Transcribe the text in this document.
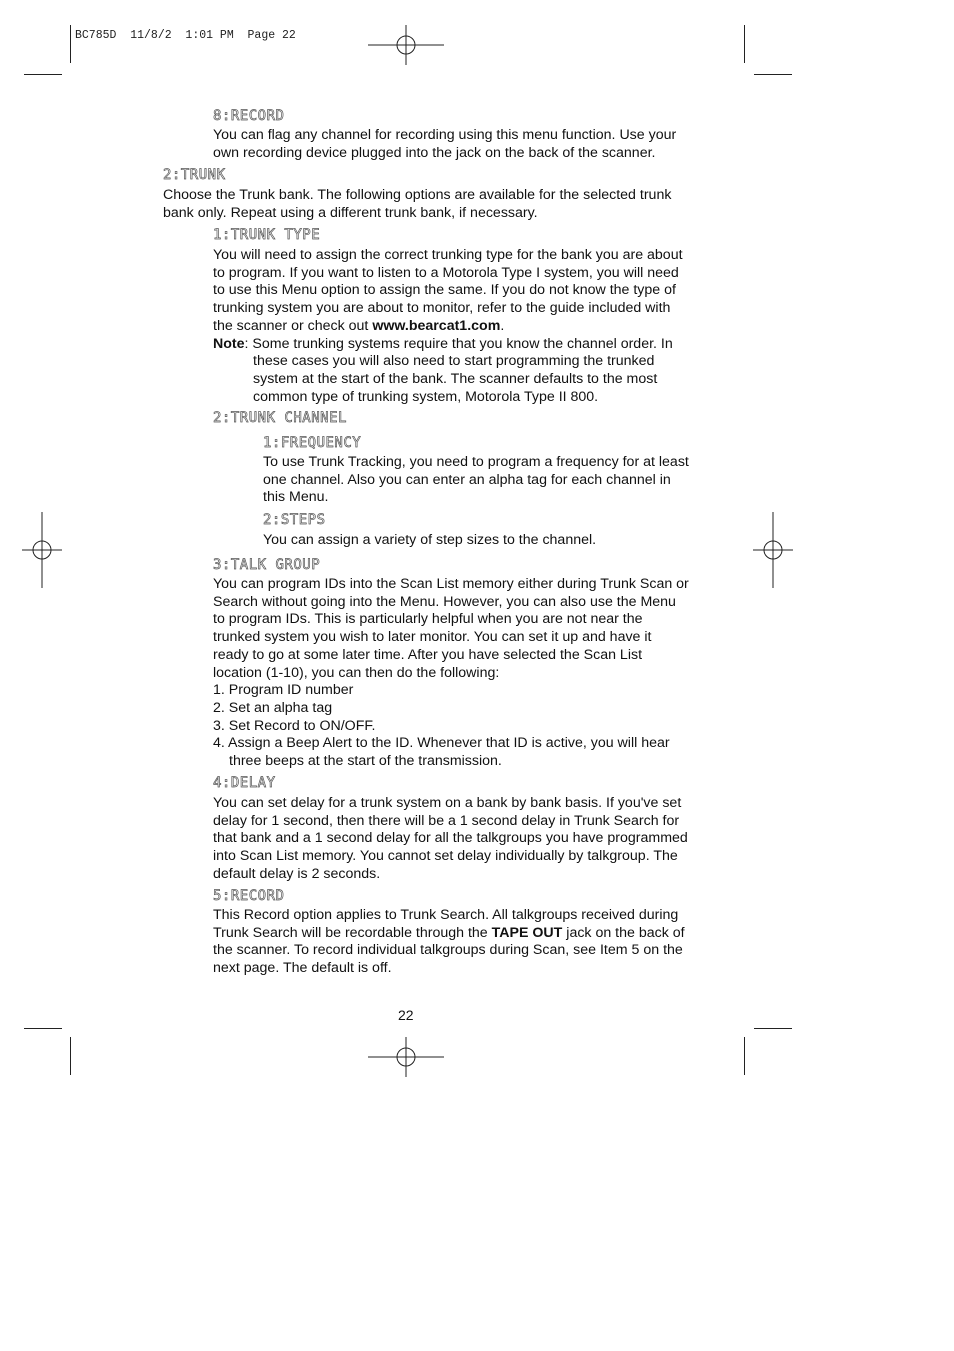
BC785D  11/8/2  1:01 PM  Page 22
8:RECORD
You can flag any channel for recording using this menu function. Use your
own recording device plugged into the jack on the back of the scanner.
2:TRUNK
Choose the Trunk bank. The following options are available for the selected trunk
bank only. Repeat using a different trunk bank, if necessary.
1:TRUNK TYPE
You will need to assign the correct trunking type for the bank you are about
to program. If you want to listen to a Motorola Type I system, you will need
to use this Menu option to assign the same. If you do not know the type of
trunking system you are about to monitor, refer to the guide included with
the scanner or check out www.bearcat1.com.
Note: Some trunking systems require that you know the channel order. In
these cases you will also need to start programming the trunked
system at the start of the bank. The scanner defaults to the most
common type of trunking system, Motorola Type II 800.
2:TRUNK CHANNEL
1:FREQUENCY
To use Trunk Tracking, you need to program a frequency for at least
one channel. Also you can enter an alpha tag for each channel in
this Menu.
2:STEPS
You can assign a variety of step sizes to the channel.
3:TALK GROUP
You can program IDs into the Scan List memory either during Trunk Scan or
Search without going into the Menu. However, you can also use the Menu
to program IDs. This is particularly helpful when you are not near the
trunked system you wish to later monitor. You can set it up and have it
ready to go at some later time. After you have selected the Scan List
location (1-10), you can then do the following:
1. Program ID number
2. Set an alpha tag
3. Set Record to ON/OFF.
4. Assign a Beep Alert to the ID. Whenever that ID is active, you will hear
three beeps at the start of the transmission.
4:DELAY
You can set delay for a trunk system on a bank by bank basis. If you've set
delay for 1 second, then there will be a 1 second delay in Trunk Search for
that bank and a 1 second delay for all the talkgroups you have programmed
into Scan List memory. You cannot set delay individually by talkgroup. The
default delay is 2 seconds.
5:RECORD
This Record option applies to Trunk Search. All talkgroups received during
Trunk Search will be recordable through the TAPE OUT jack on the back of
the scanner. To record individual talkgroups during Scan, see Item 5 on the
next page. The default is off.
22
